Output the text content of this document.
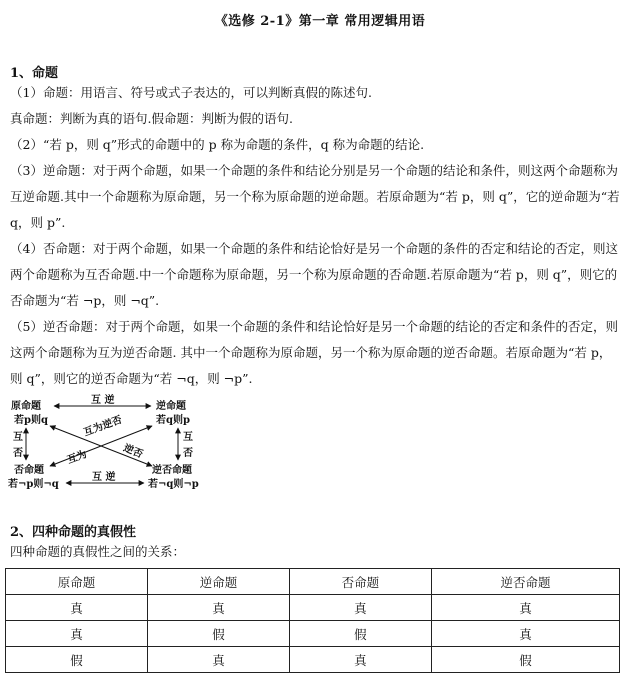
《选修 2-1》第一章 常用逻辑用语
1、命题
（1）命题：用语言、符号或式子表达的，可以判断真假的陈述句.
真命题：判断为真的语句.假命题：判断为假的语句.
（2）“若 p，则 q”形式的命题中的 p 称为命题的条件，q 称为命题的结论.
（3）逆命题：对于两个命题，如果一个命题的条件和结论分别是另一个命题的结论和条件，则这两个命题称为
互逆命题.其中一个命题称为原命题，另一个称为原命题的逆命题。若原命题为“若 p，则 q”，它的逆命题为“若
q，则 p”.
（4）否命题：对于两个命题，如果一个命题的条件和结论恰好是另一个命题的条件的否定和结论的否定，则这
两个命题称为互否命题.中一个命题称为原命题，另一个称为原命题的否命题.若原命题为“若 p，则 q”，则它的
否命题为“若 ¬p，则 ¬q”.
（5）逆否命题：对于两个命题，如果一个命题的条件和结论恰好是另一个命题的结论的否定和条件的否定，则
这两个命题称为互为逆否命题. 其中一个命题称为原命题，另一个称为原命题的逆否命题。若原命题为“若 p，
则 q”，则它的逆否命题为“若 ¬q，则 ¬p”.
原命题
若p则q
逆命题
若q则p
否命题
若¬p则¬q
逆否命题
若¬q则¬p
互 逆
互 逆
互
否
互
否
互为逆否
互为	逆否
2、四种命题的真假性
四种命题的真假性之间的关系：
原命题	逆命题	否命题	逆否命题
真	真	真	真
真	假	假	真
假	真	真	假
